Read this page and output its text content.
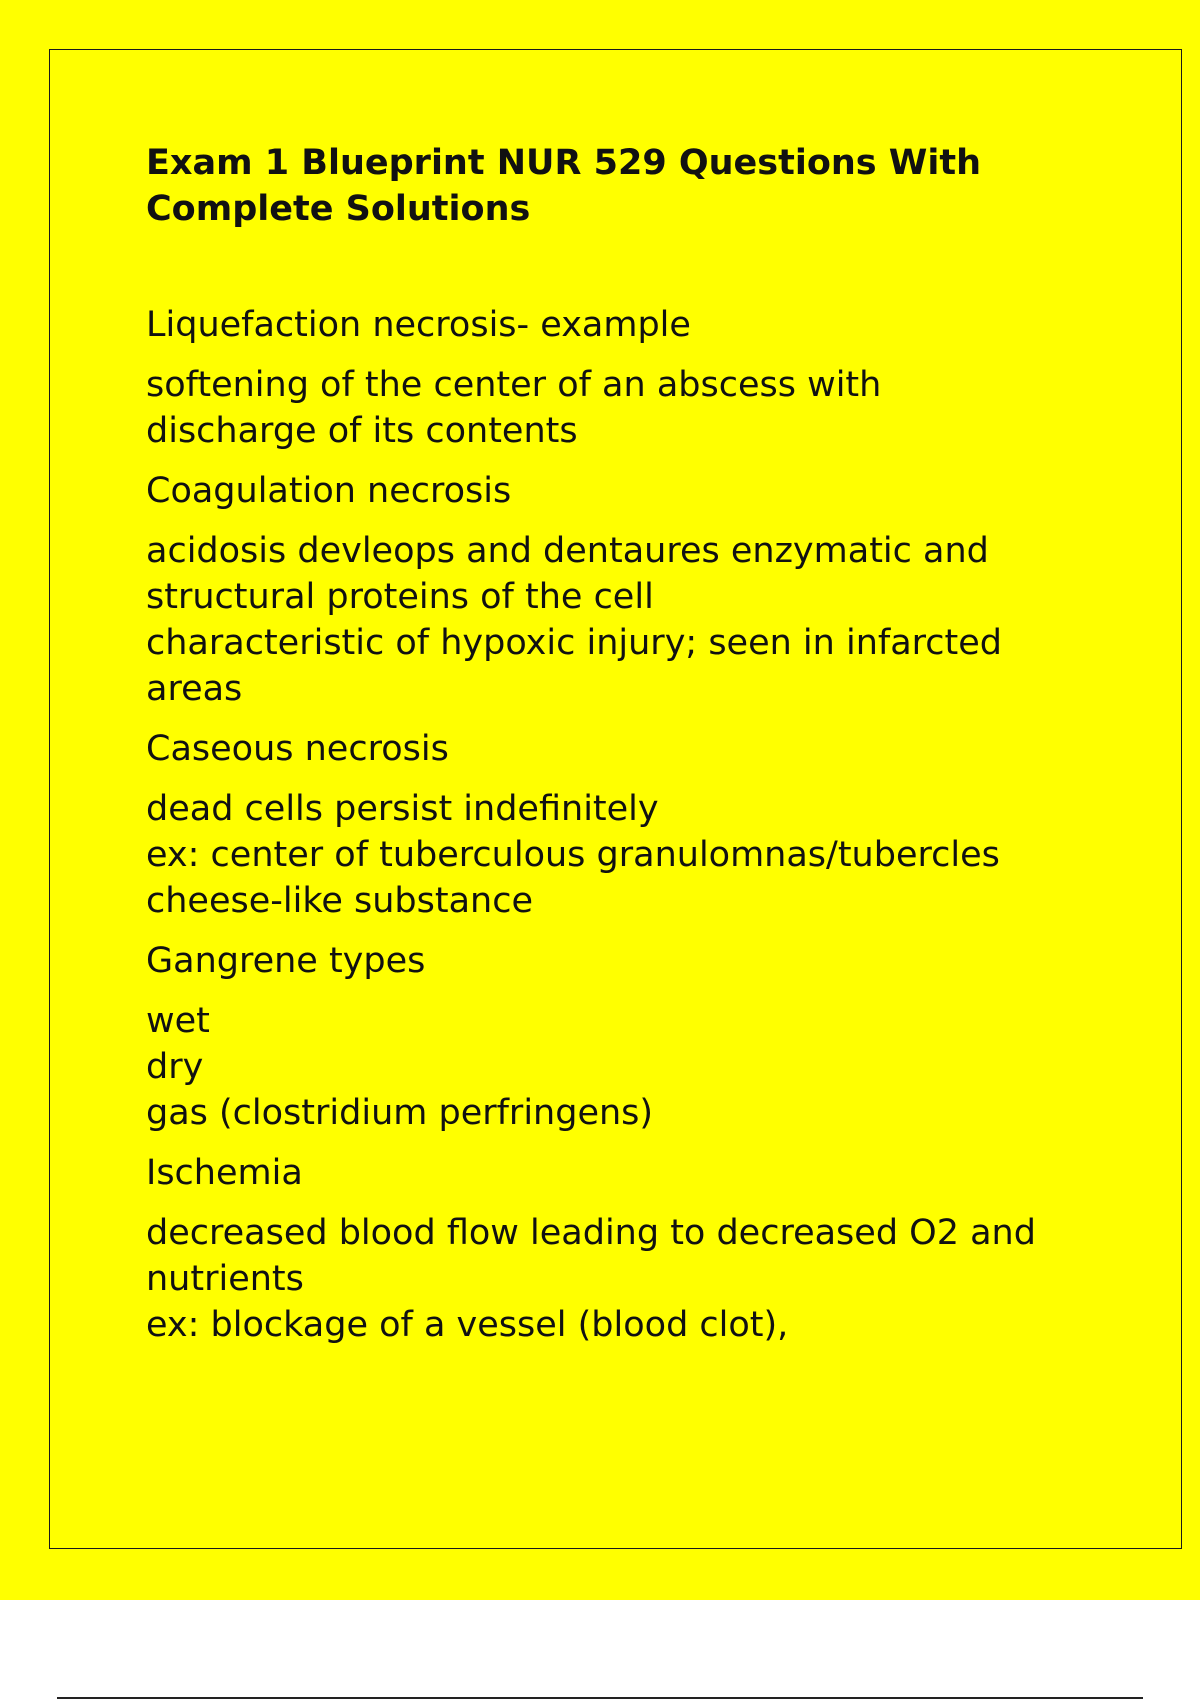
Exam 1 Blueprint NUR 529 Questions With
Complete Solutions

Liquefaction necrosis- example

softening of the center of an abscess with
discharge of its contents

Coagulation necrosis

acidosis devleops and dentaures enzymatic and
structural proteins of the cell
characteristic of hypoxic injury; seen in infarcted
areas

Caseous necrosis

dead cells persist indefinitely
ex: center of tuberculous granulomnas/tubercles
cheese-like substance

Gangrene types

wet
dry
gas (clostridium perfringens)

Ischemia

decreased blood flow leading to decreased O2 and
nutrients
ex: blockage of a vessel (blood clot),
